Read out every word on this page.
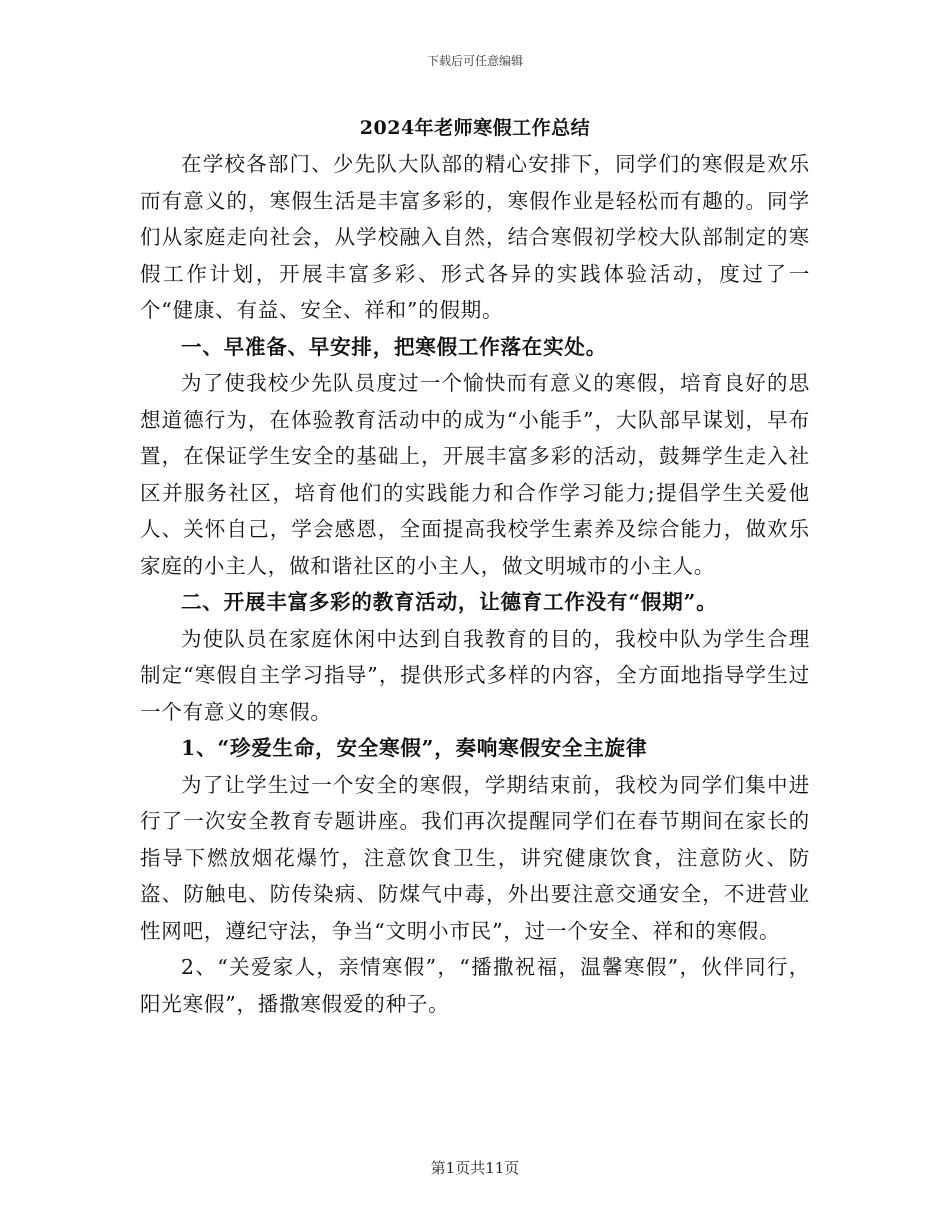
下载后可任意编辑
2024年老师寒假工作总结

在学校各部门、少先队大队部的精心安排下，同学们的寒假是欢乐而有意义的，寒假生活是丰富多彩的，寒假作业是轻松而有趣的。同学们从家庭走向社会，从学校融入自然，结合寒假初学校大队部制定的寒假工作计划，开展丰富多彩、形式各异的实践体验活动，度过了一个“健康、有益、安全、祥和”的假期。

一、早准备、早安排，把寒假工作落在实处。

为了使我校少先队员度过一个愉快而有意义的寒假，培育良好的思想道德行为，在体验教育活动中的成为“小能手”，大队部早谋划，早布置，在保证学生安全的基础上，开展丰富多彩的活动，鼓舞学生走入社区并服务社区，培育他们的实践能力和合作学习能力;提倡学生关爱他人、关怀自己，学会感恩，全面提高我校学生素养及综合能力，做欢乐家庭的小主人，做和谐社区的小主人，做文明城市的小主人。

二、开展丰富多彩的教育活动，让德育工作没有“假期”。

为使队员在家庭休闲中达到自我教育的目的，我校中队为学生合理制定“寒假自主学习指导”，提供形式多样的内容，全方面地指导学生过一个有意义的寒假。

1、“珍爱生命，安全寒假”，奏响寒假安全主旋律

为了让学生过一个安全的寒假，学期结束前，我校为同学们集中进行了一次安全教育专题讲座。我们再次提醒同学们在春节期间在家长的指导下燃放烟花爆竹，注意饮食卫生，讲究健康饮食，注意防火、防盗、防触电、防传染病、防煤气中毒，外出要注意交通安全，不进营业性网吧，遵纪守法，争当“文明小市民”，过一个安全、祥和的寒假。

2、“关爱家人，亲情寒假”，“播撒祝福，温馨寒假”，伙伴同行，阳光寒假”，播撒寒假爱的种子。

第1页共11页
